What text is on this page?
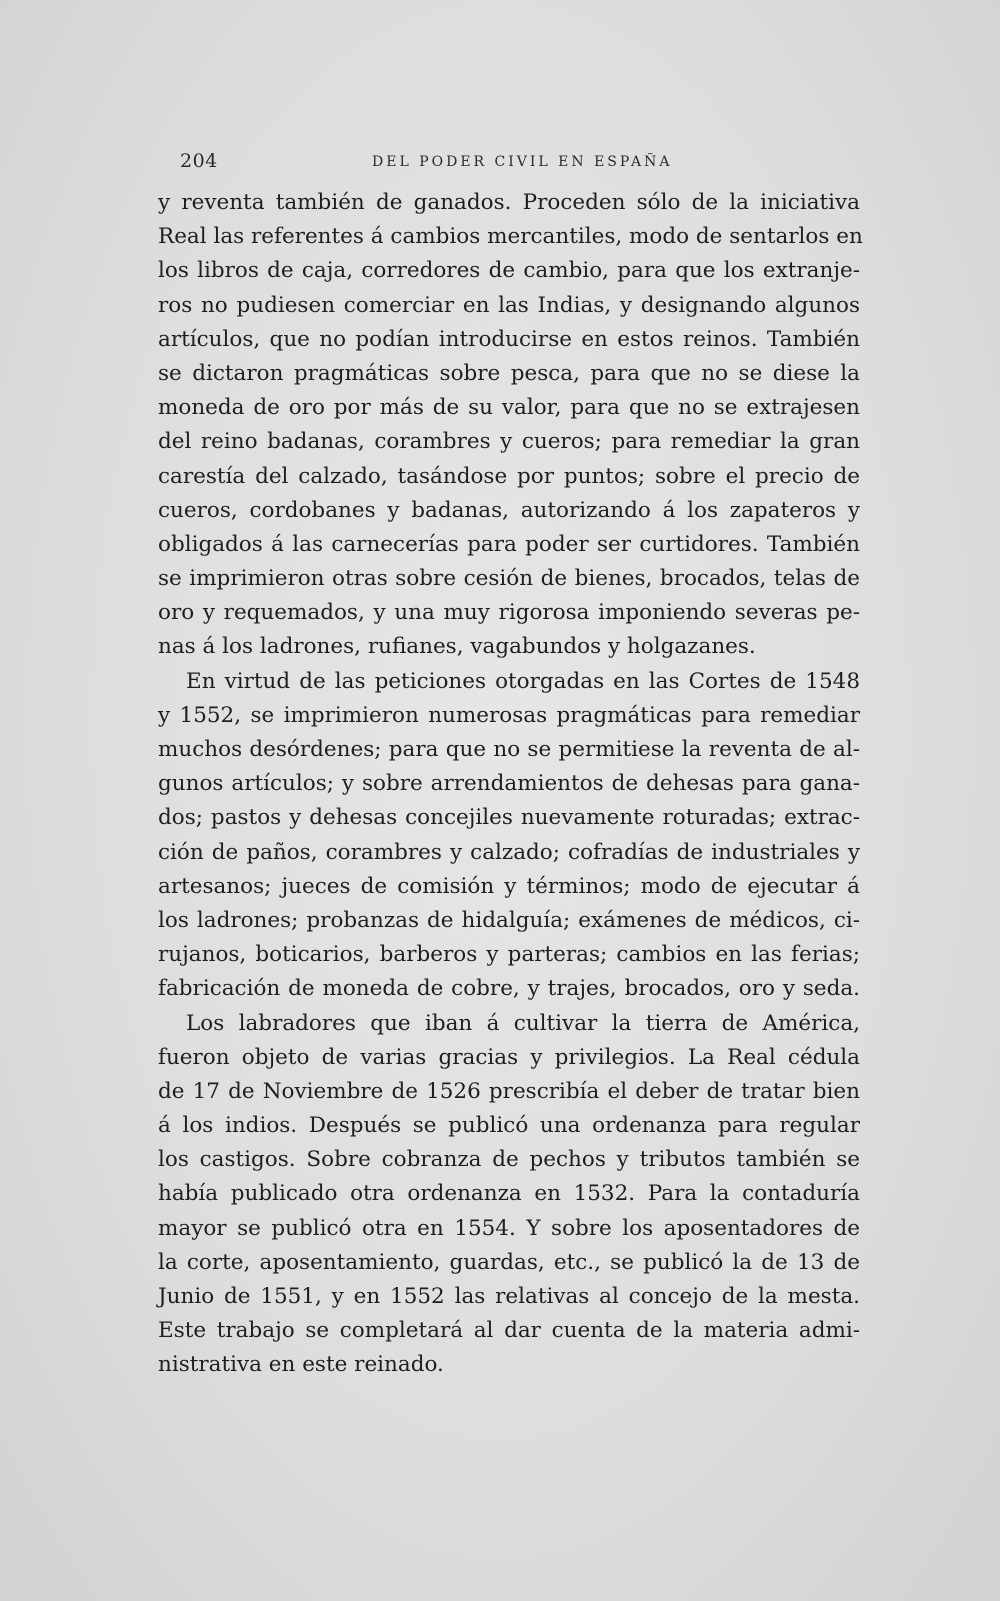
204	DEL PODER CIVIL EN ESPAÑA
y reventa también de ganados. Proceden sólo de la iniciativa
Real las referentes á cambios mercantiles, modo de sentarlos en
los libros de caja, corredores de cambio, para que los extranje-
ros no pudiesen comerciar en las Indias, y designando algunos
artículos, que no podían introducirse en estos reinos. También
se dictaron pragmáticas sobre pesca, para que no se diese la
moneda de oro por más de su valor, para que no se extrajesen
del reino badanas, corambres y cueros; para remediar la gran
carestía del calzado, tasándose por puntos; sobre el precio de
cueros, cordobanes y badanas, autorizando á los zapateros y
obligados á las carnecerías para poder ser curtidores. También
se imprimieron otras sobre cesión de bienes, brocados, telas de
oro y requemados, y una muy rigorosa imponiendo severas pe-
nas á los ladrones, rufianes, vagabundos y holgazanes.
En virtud de las peticiones otorgadas en las Cortes de 1548
y 1552, se imprimieron numerosas pragmáticas para remediar
muchos desórdenes; para que no se permitiese la reventa de al-
gunos artículos; y sobre arrendamientos de dehesas para gana-
dos; pastos y dehesas concejiles nuevamente roturadas; extrac-
ción de paños, corambres y calzado; cofradías de industriales y
artesanos; jueces de comisión y términos; modo de ejecutar á
los ladrones; probanzas de hidalguía; exámenes de médicos, ci-
rujanos, boticarios, barberos y parteras; cambios en las ferias;
fabricación de moneda de cobre, y trajes, brocados, oro y seda.
Los labradores que iban á cultivar la tierra de América,
fueron objeto de varias gracias y privilegios. La Real cédula
de 17 de Noviembre de 1526 prescribía el deber de tratar bien
á los indios. Después se publicó una ordenanza para regular
los castigos. Sobre cobranza de pechos y tributos también se
había publicado otra ordenanza en 1532. Para la contaduría
mayor se publicó otra en 1554. Y sobre los aposentadores de
la corte, aposentamiento, guardas, etc., se publicó la de 13 de
Junio de 1551, y en 1552 las relativas al concejo de la mesta.
Este trabajo se completará al dar cuenta de la materia admi-
nistrativa en este reinado.
